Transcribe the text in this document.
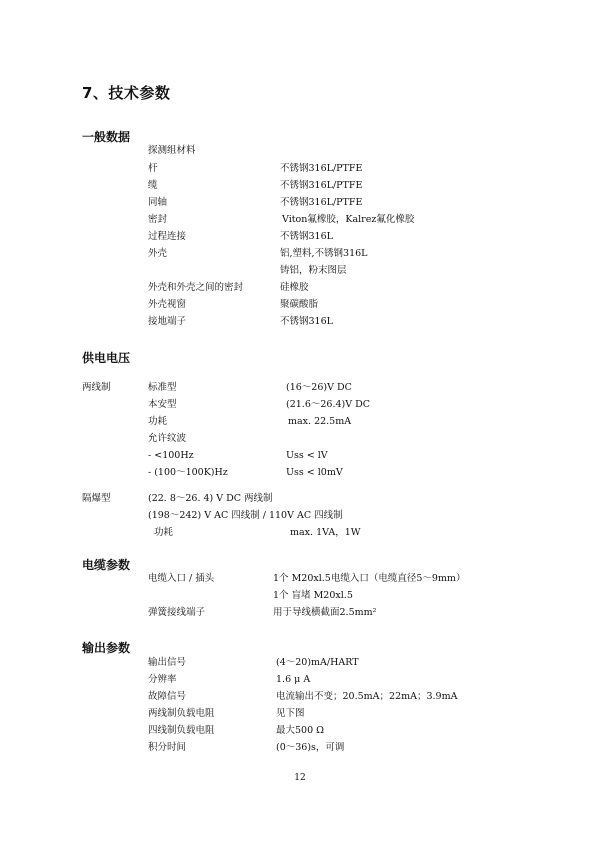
7、技术参数
一般数据
探测组材料
杆	不锈钢316L/PTFE
缆	不锈钢316L/PTFE
同轴	不锈钢316L/PTFE
密封	Viton氟橡胶，Kalrez氟化橡胶
过程连接	不锈钢316L
外壳	铝,塑料,不锈钢316L
铸铝，粉末图层
外壳和外壳之间的密封	硅橡胶
外壳视窗	聚碳酸脂
接地端子	不锈钢316L
供电电压
两线制	标准型	(16～26)V DC
本安型	(21.6～26.4)V DC
功耗	max. 22.5mA
允许纹波
- <100Hz	Uss < lV
- (100～100K)Hz	Uss < l0mV
隔爆型	(22. 8～26. 4) V DC 两线制
(198～242) V AC 四线制 / 110V AC 四线制
功耗	max. 1VA，1W
电缆参数
电缆入口 / 插头	1个 M20xl.5电缆入口（电缆直径5～9mm）
1个 盲堵 M20xl.5
弹簧接线端子	用于导线横截面2.5mm²
输出参数
输出信号	(4～20)mA/HART
分辨率	1.6 μ A
故障信号	电流输出不变；20.5mA；22mA；3.9mA
两线制负载电阻	见下图
四线制负载电阻	最大500 Ω
积分时间	(0～36)s，可调
12
